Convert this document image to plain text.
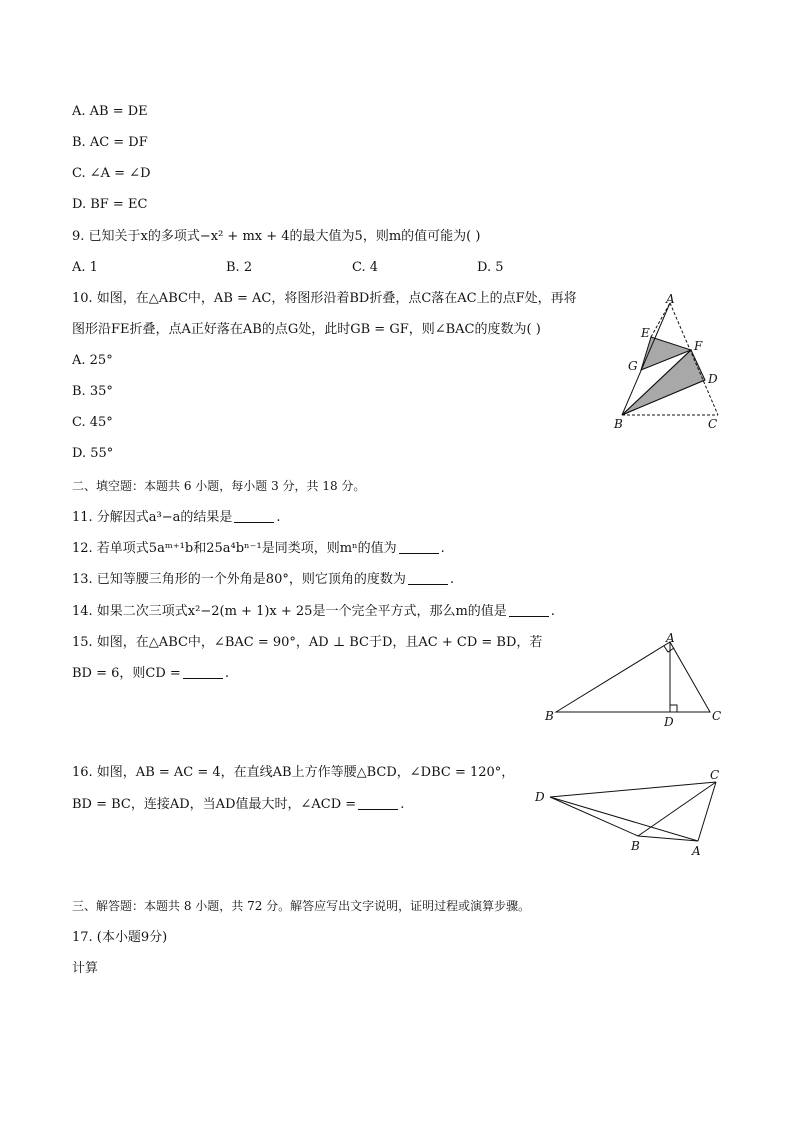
A. AB = DE
B. AC = DF
C. ∠A = ∠D
D. BF = EC
9. 已知关于x的多项式−x² + mx + 4的最大值为5，则m的值可能为( )
A. 1	B. 2	C. 4	D. 5
10. 如图，在△ABC中，AB = AC，将图形沿着BD折叠，点C落在AC上的点F处，再将
图形沿FE折叠，点A正好落在AB的点G处，此时GB = GF，则∠BAC的度数为( )
A. 25°
B. 35°
C. 45°
D. 55°
A
E
F
G
D
B	C
二、填空题：本题共 6 小题，每小题 3 分，共 18 分。
11. 分解因式a³−a的结果是	.
12. 若单项式5aᵐ⁺¹b和25a⁴bⁿ⁻¹是同类项，则mⁿ的值为	.
13. 已知等腰三角形的一个外角是80°，则它顶角的度数为	.
14. 如果二次三项式x²−2(m + 1)x + 25是一个完全平方式，那么m的值是	.
15. 如图，在△ABC中，∠BAC = 90°，AD ⊥ BC于D，且AC + CD = BD，若
BD = 6，则CD =	.
A
B	D	C
16. 如图，AB = AC = 4，在直线AB上方作等腰△BCD，∠DBC = 120°，
BD = BC，连接AD，当AD值最大时，∠ACD =	.
C
D
B	A
三、解答题：本题共 8 小题，共 72 分。解答应写出文字说明，证明过程或演算步骤。
17. (本小题9分)
计算
